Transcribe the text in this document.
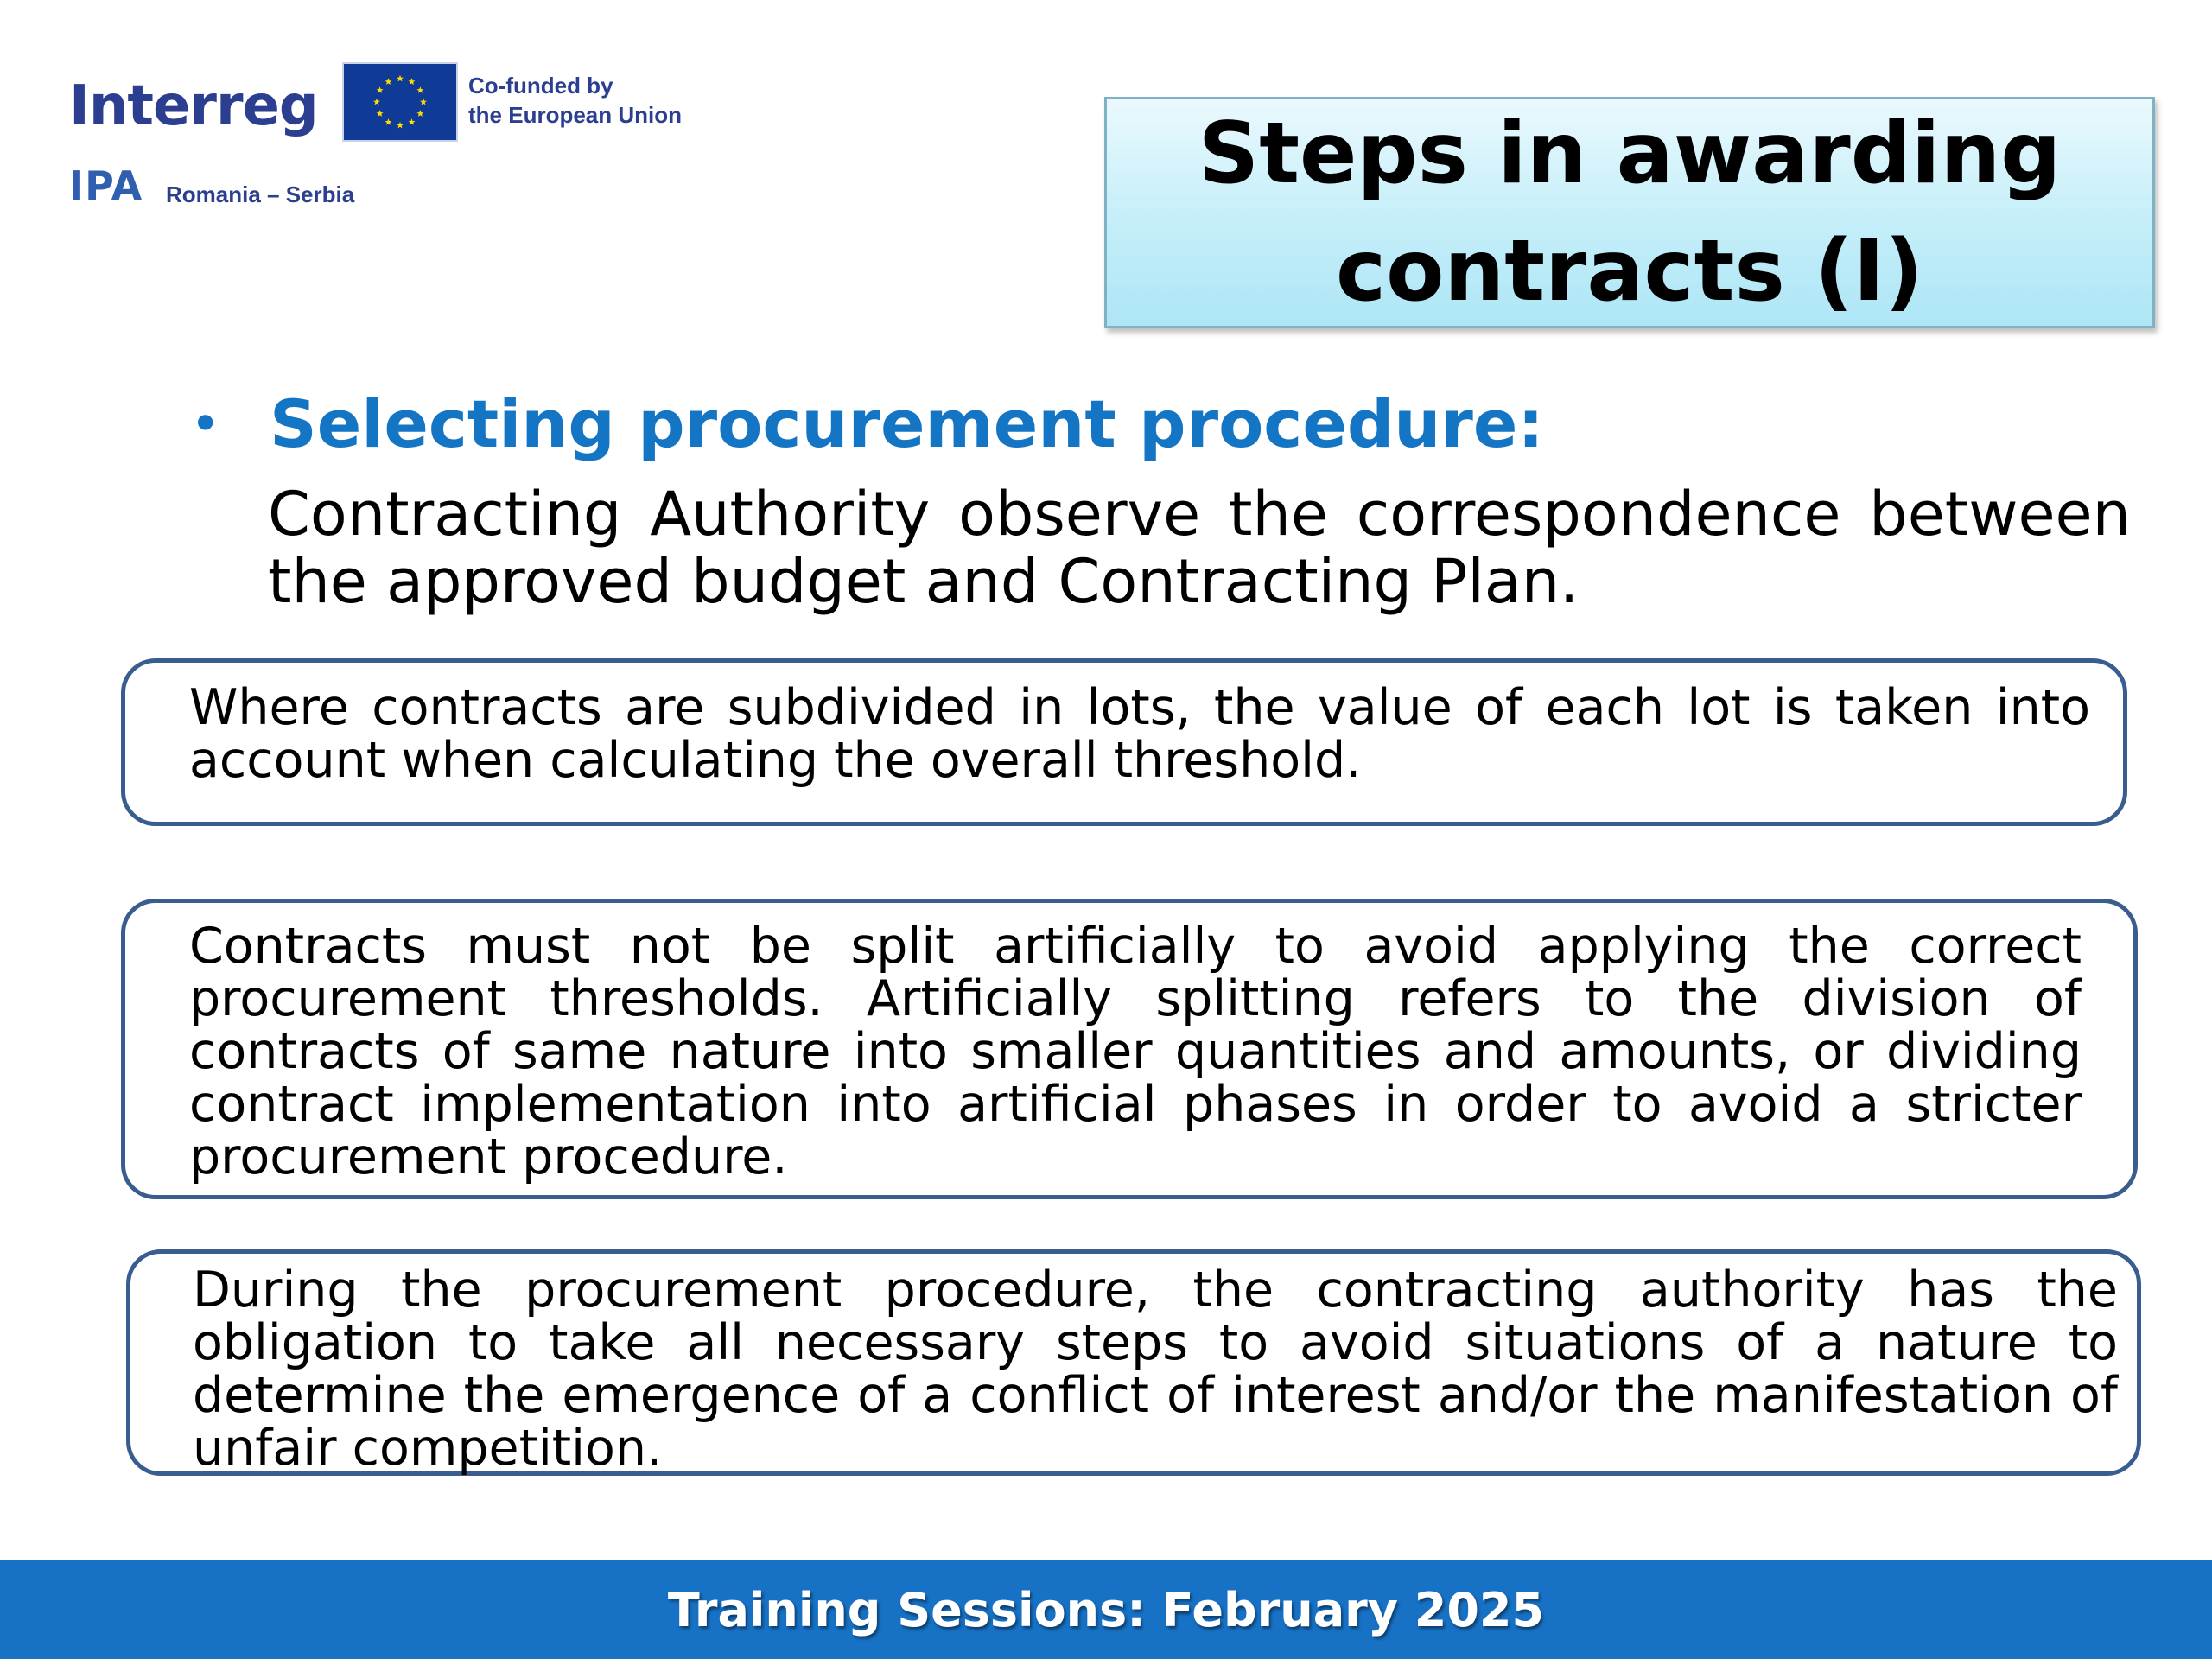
Interreg	Co-funded by
the European Union
IPA Romania – Serbia	Steps in awarding
contracts (I)
• Selecting procurement procedure:
Contracting Authority observe the correspondence between the approved budget and Contracting Plan.

Where contracts are subdivided in lots, the value of each lot is taken into account when calculating the overall threshold.

Contracts must not be split artificially to avoid applying the correct procurement thresholds. Artificially splitting refers to the division of contracts of same nature into smaller quantities and amounts, or dividing contract implementation into artificial phases in order to avoid a stricter procurement procedure.

During the procurement procedure, the contracting authority has the obligation to take all necessary steps to avoid situations of a nature to determine the emergence of a conflict of interest and/or the manifestation of unfair competition.

Training Sessions: February 2025
